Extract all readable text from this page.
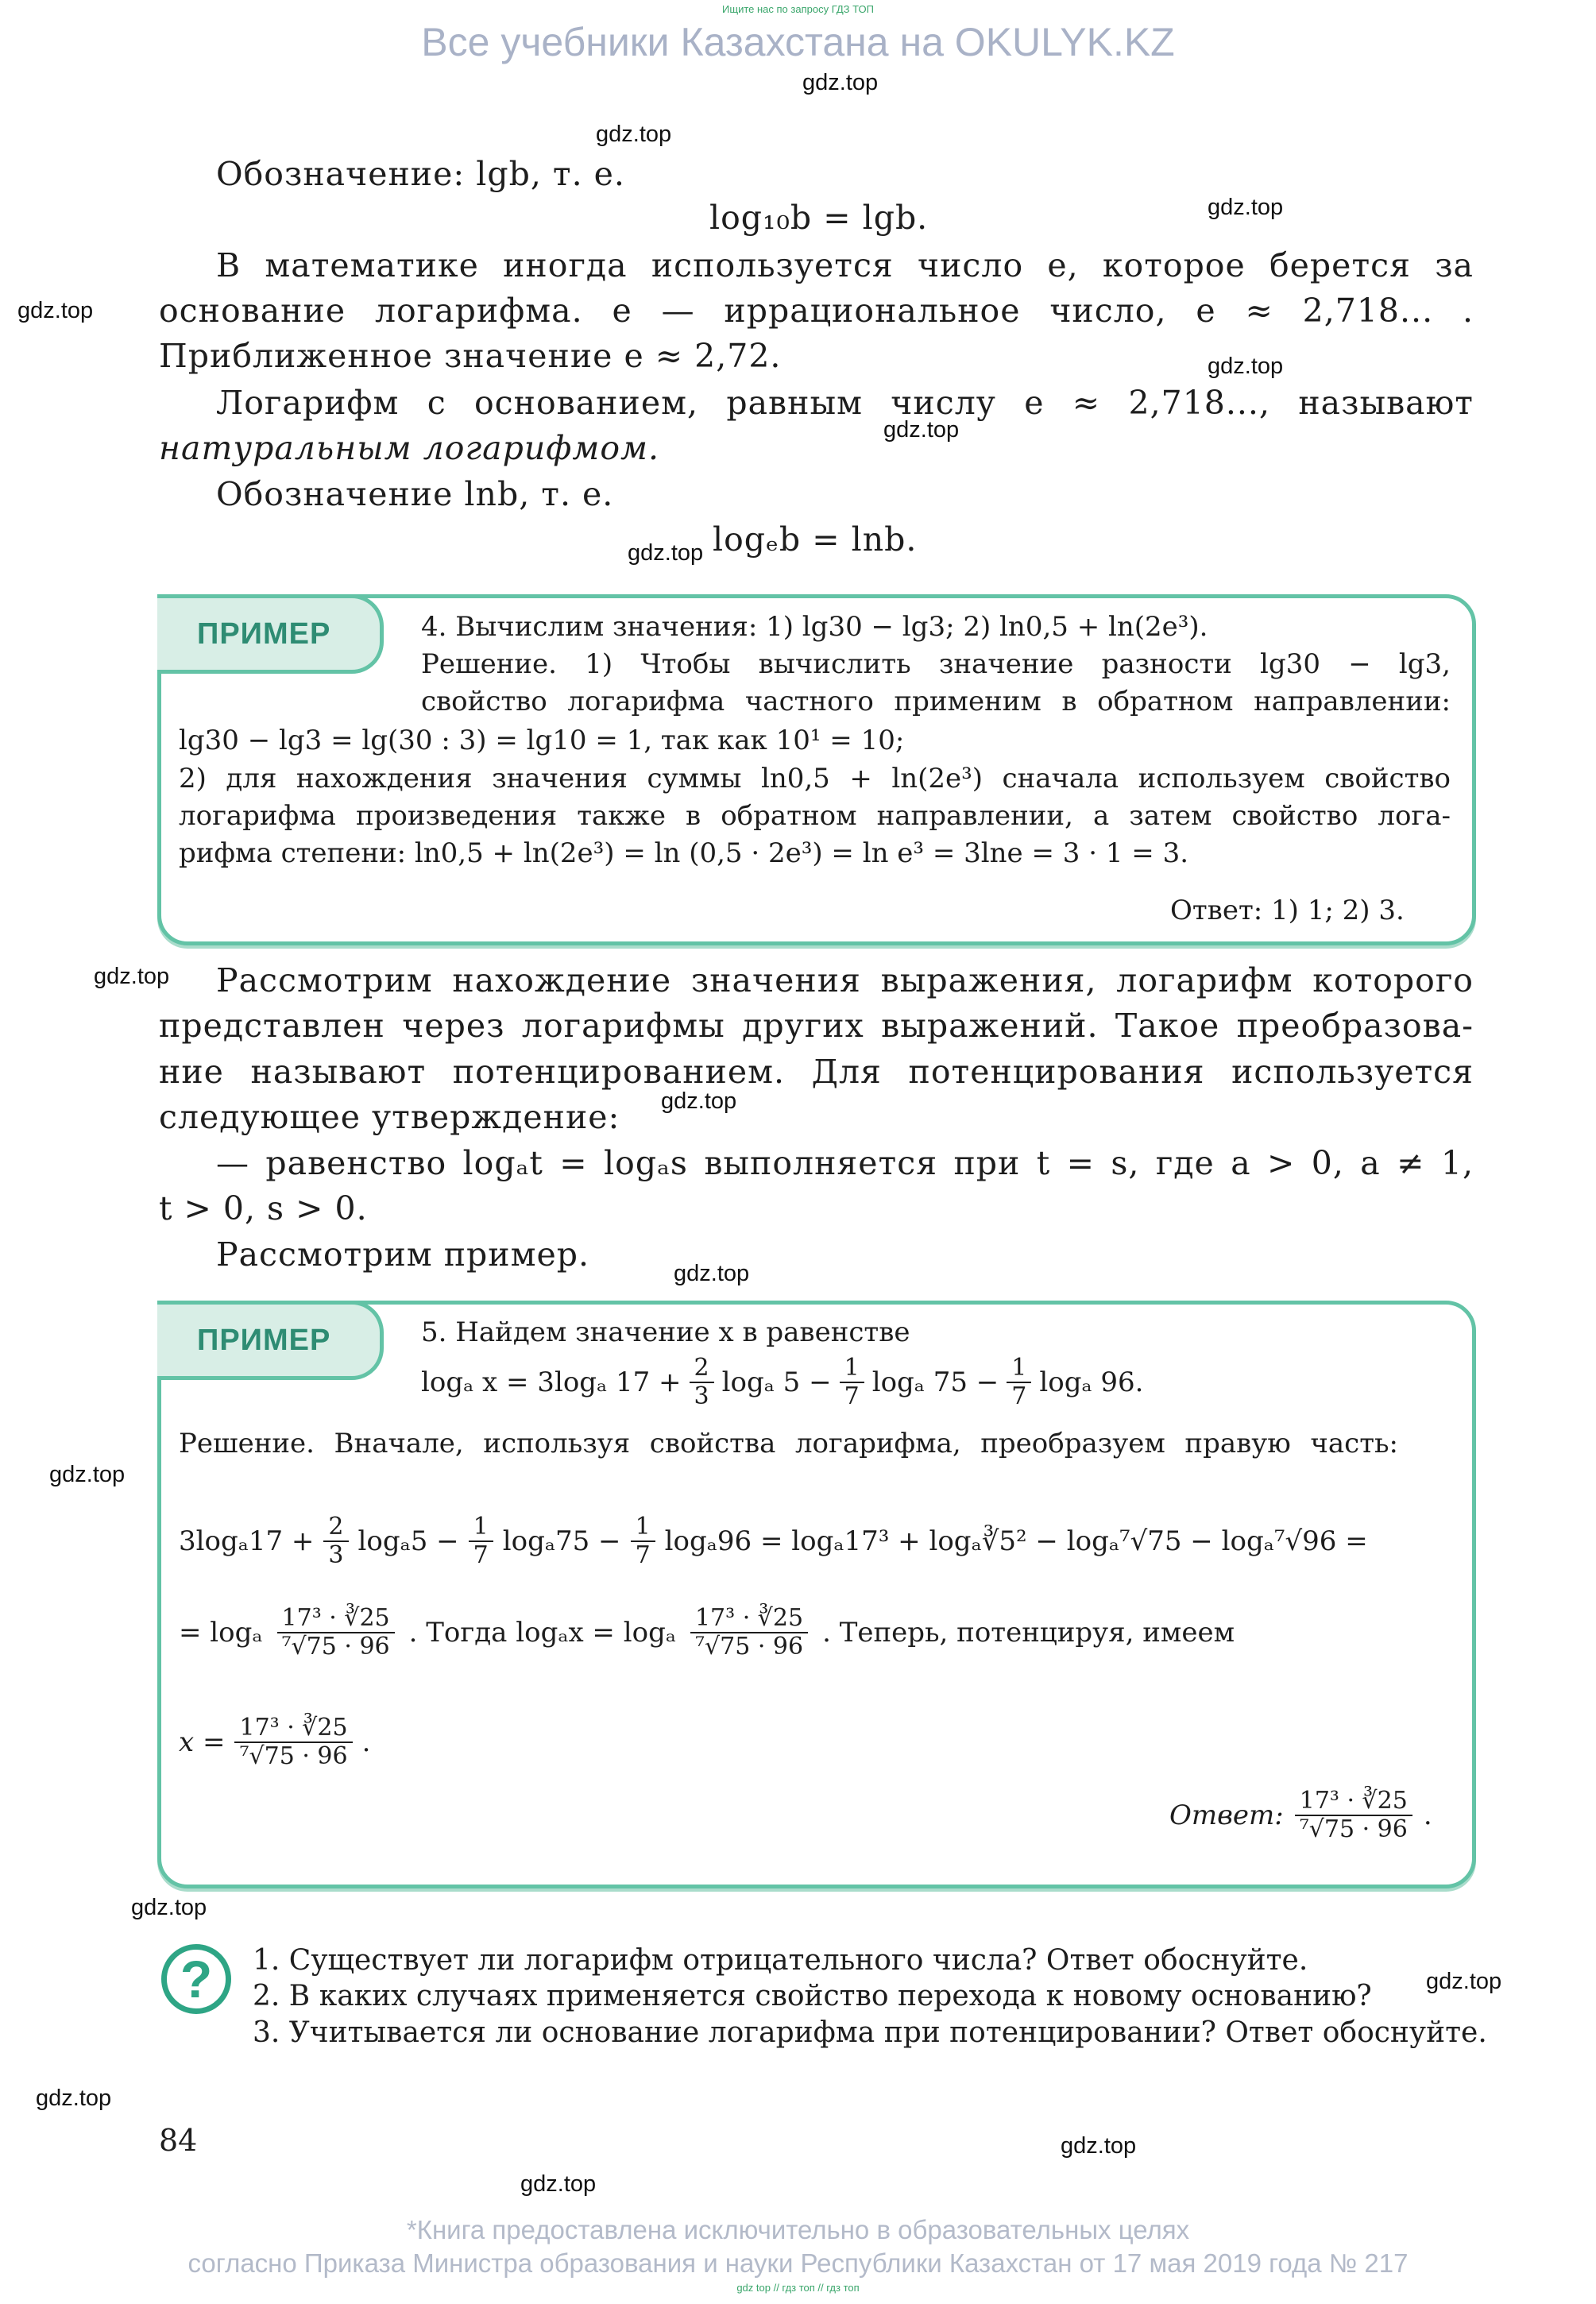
Ищите нас по запросу ГДЗ ТОП
Все учебники Казахстана на OKULYK.KZ
gdz.top
gdz.top
gdz.top
gdz.top
gdz.top
gdz.top
gdz.top
gdz.top
gdz.top
gdz.top
gdz.top
gdz.top
gdz.top
gdz.top
gdz.top
gdz.top
Обозначение: lgb, т. е.
log₁₀b = lgb.
В математике иногда используется число e, которое берется за
основание логарифма. e — иррациональное число, e ≈ 2,718... .
Приближенное значение e ≈ 2,72.
Логарифм с основанием, равным числу e ≈ 2,718..., называют
натуральным логарифмом.
Обозначение lnb, т. е.
logₑb = lnb.
ПРИМЕР	4. Вычислим значения: 1) lg30 − lg3; 2) ln0,5 + ln(2e³).
Решение. 1) Чтобы вычислить значение разности lg30 − lg3,
свойство логарифма частного применим в обратном направлении:
lg30 − lg3 = lg(30 : 3) = lg10 = 1, так как 10¹ = 10;
2) для нахождения значения суммы ln0,5 + ln(2e³) сначала используем свойство
логарифма произведения также в обратном направлении, а затем свойство лога-
рифма степени: ln0,5 + ln(2e³) = ln (0,5 · 2e³) = ln e³ = 3lne = 3 · 1 = 3.
Ответ: 1) 1; 2) 3.
Рассмотрим нахождение значения выражения, логарифм которого
представлен через логарифмы других выражений. Такое преобразова-
ние называют потенцированием. Для потенцирования используется
следующее утверждение:
— равенство logₐt = logₐs выполняется при t = s, где a > 0, a ≠ 1,
t > 0, s > 0.
Рассмотрим пример.
ПРИМЕР	5. Найдем значение x в равенстве
logₐ x = 3logₐ $17 + \frac{2}{3}$ logₐ $5 - \frac{1}{7}$ logₐ $75 - \frac{1}{7}$ logₐ 96.
Решение. Вначале, используя свойства логарифма, преобразуем правую часть:
$3\log_a17 + \frac{2}{3} \log_a5 - \frac{1}{7} \log_a75 - \frac{1}{7} \log_a96 = \log_a17^3$ + logₐ∛5² − logₐ⁷√75 − logₐ⁷√96 =
= logₐ $\frac{\text{17³ · ∛25}}{\text{⁷√75 · 96}}$ . Тогда logₐx = logₐ $\frac{\text{17³ · ∛25}}{\text{⁷√75 · 96}}$ . Теперь, потенцируя, имеем
$x = \frac{\text{17³ · ∛25}}{\text{⁷√75 · 96}}$ .
Ответ: $\frac{\text{17³ · ∛25}}{\text{⁷√75 · 96}}$ .
?	1. Существует ли логарифм отрицательного числа? Ответ обоснуйте.
2. В каких случаях применяется свойство перехода к новому основанию?
3. Учитывается ли основание логарифма при потенцировании? Ответ обоснуйте.
84
*Книга предоставлена исключительно в образовательных целях
согласно Приказа Министра образования и науки Республики Казахстан от 17 мая 2019 года № 217
gdz top // гдз топ // гдз топ
